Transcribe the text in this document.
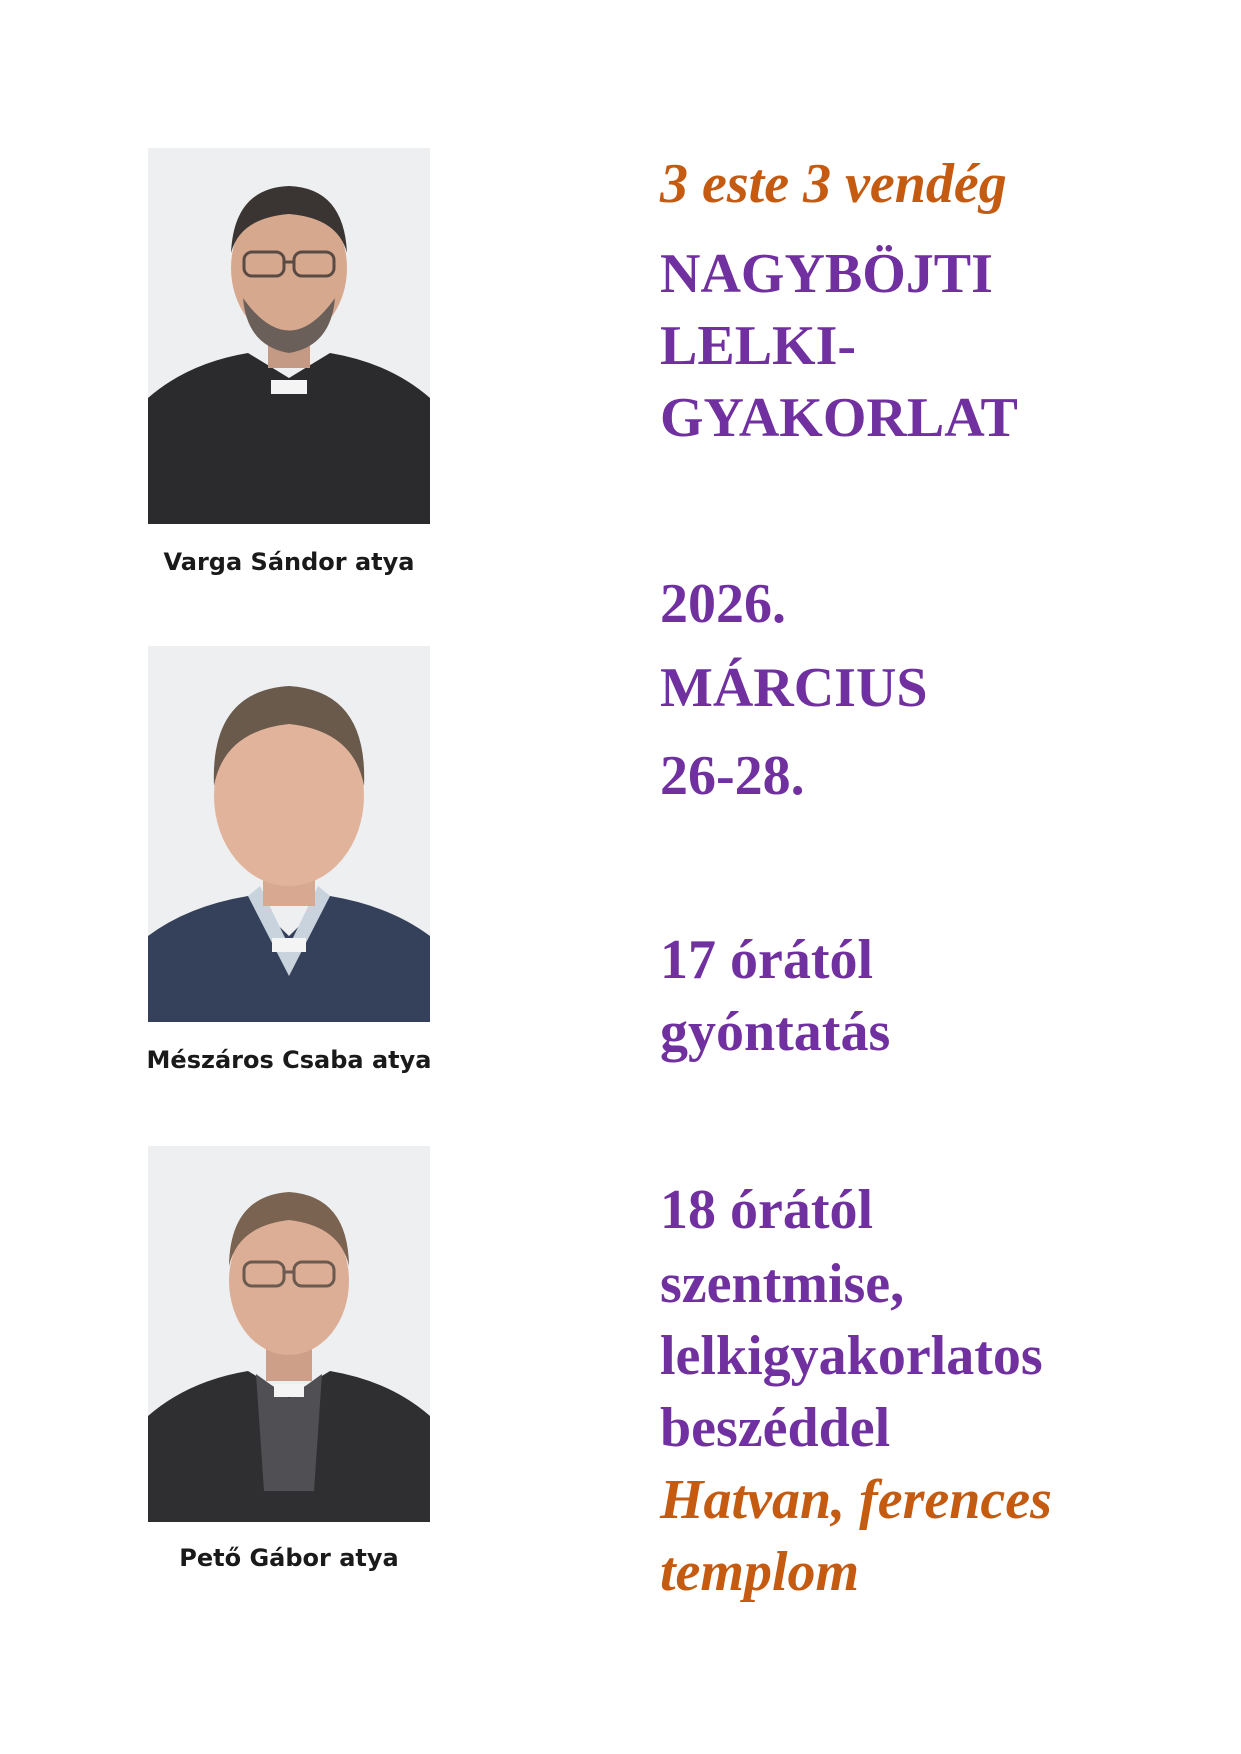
Varga Sándor atya
Mészáros Csaba atya
Pető Gábor atya
3 este 3 vendég
NAGYBÖJTI
LELKI-
GYAKORLAT
2026.
MÁRCIUS
26-28.
17 órától
gyóntatás
18 órától
szentmise,
lelkigyakorlatos
beszéddel
Hatvan, ferences
templom
